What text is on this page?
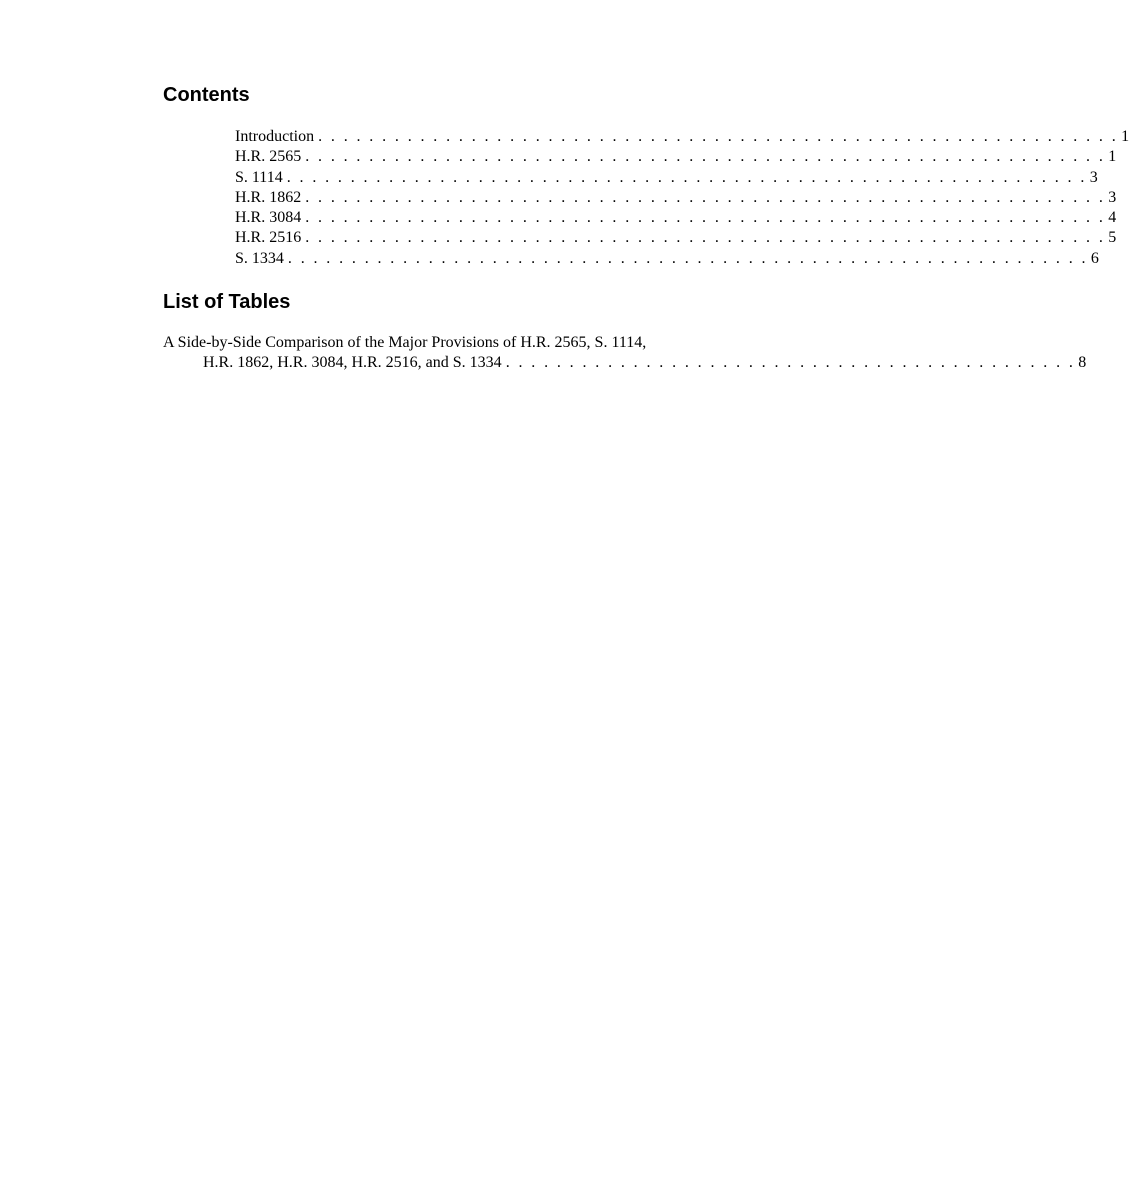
Contents
Introduction . . . . . . . . . . . . . . . . . . . . . . . . . . . . . . . . . . . . . . . . . . . . . . . . . . . . . . . . . . . . . . . 1
H.R. 2565 . . . . . . . . . . . . . . . . . . . . . . . . . . . . . . . . . . . . . . . . . . . . . . . . . . . . . . . . . . . . . . . 1
S. 1114 . . . . . . . . . . . . . . . . . . . . . . . . . . . . . . . . . . . . . . . . . . . . . . . . . . . . . . . . . . . . . . . 3
H.R. 1862 . . . . . . . . . . . . . . . . . . . . . . . . . . . . . . . . . . . . . . . . . . . . . . . . . . . . . . . . . . . . . . . 3
H.R. 3084 . . . . . . . . . . . . . . . . . . . . . . . . . . . . . . . . . . . . . . . . . . . . . . . . . . . . . . . . . . . . . . . 4
H.R. 2516 . . . . . . . . . . . . . . . . . . . . . . . . . . . . . . . . . . . . . . . . . . . . . . . . . . . . . . . . . . . . . . . 5
S. 1334 . . . . . . . . . . . . . . . . . . . . . . . . . . . . . . . . . . . . . . . . . . . . . . . . . . . . . . . . . . . . . . . 6
List of Tables
A Side-by-Side Comparison of the Major Provisions of H.R. 2565, S. 1114,
H.R. 1862, H.R. 3084, H.R. 2516, and S. 1334 . . . . . . . . . . . . . . . . . . . . . . . . . . . . . . . . . . . . . . . . . . . . . 8
